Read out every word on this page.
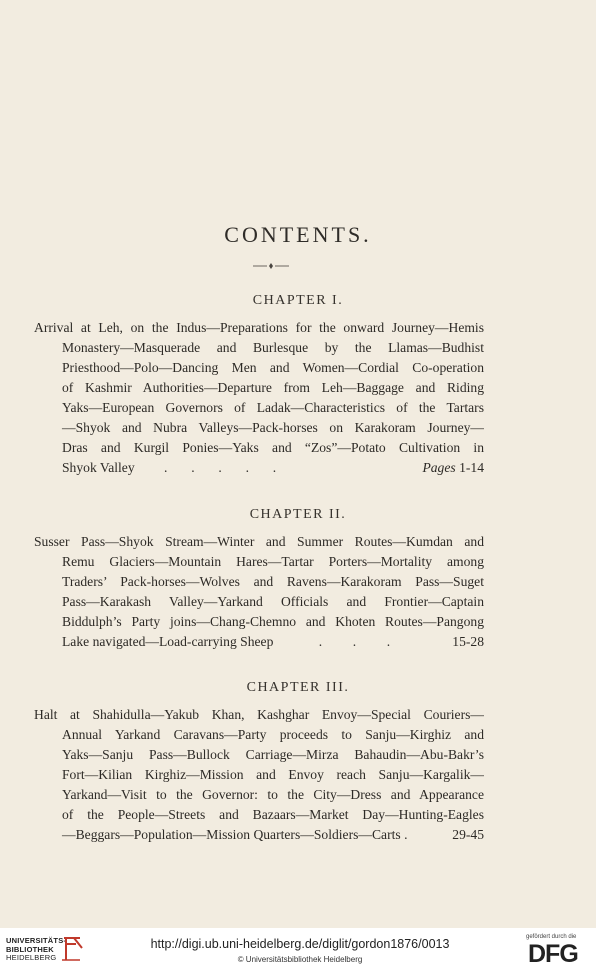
CONTENTS.
CHAPTER I.
Arrival at Leh, on the Indus—Preparations for the onward Journey—Hemis
Monastery—Masquerade and Burlesque by the Llamas—Budhist
Priesthood—Polo—Dancing Men and Women—Cordial Co-operation
of Kashmir Authorities—Departure from Leh—Baggage and Riding
Yaks—European Governors of Ladak—Characteristics of the Tartars
—Shyok and Nubra Valleys—Pack-horses on Karakoram Journey—
Dras and Kurgil Ponies—Yaks and “Zos”—Potato Cultivation in
Shyok Valley .       .       .       .       .	Pages 1-14
CHAPTER II.
Susser Pass—Shyok Stream—Winter and Summer Routes—Kumdan and
Remu Glaciers—Mountain Hares—Tartar Porters—Mortality among
Traders’ Pack-horses—Wolves and Ravens—Karakoram Pass—Suget
Pass—Karakash Valley—Yarkand Officials and Frontier—Captain
Biddulph’s Party joins—Chang-Chemno and Khoten Routes—Pangong
Lake navigated—Load-carrying Sheep	.         .         .	15-28
CHAPTER III.
Halt at Shahidulla—Yakub Khan, Kashghar Envoy—Special Couriers—
Annual Yarkand Caravans—Party proceeds to Sanju—Kirghiz and
Yaks—Sanju Pass—Bullock Carriage—Mirza Bahaudin—Abu-Bakr’s
Fort—Kilian Kirghiz—Mission and Envoy reach Sanju—Kargalik—
Yarkand—Visit to the Governor: to the City—Dress and Appearance
of the People—Streets and Bazaars—Market Day—Hunting-Eagles
—Beggars—Population—Mission Quarters—Soldiers—Carts .	29-45
UNIVERSITÄTS-
BIBLIOTHEK
HEIDELBERG
http://digi.ub.uni-heidelberg.de/diglit/gordon1876/0013
© Universitätsbibliothek Heidelberg
gefördert durch die
DFG
